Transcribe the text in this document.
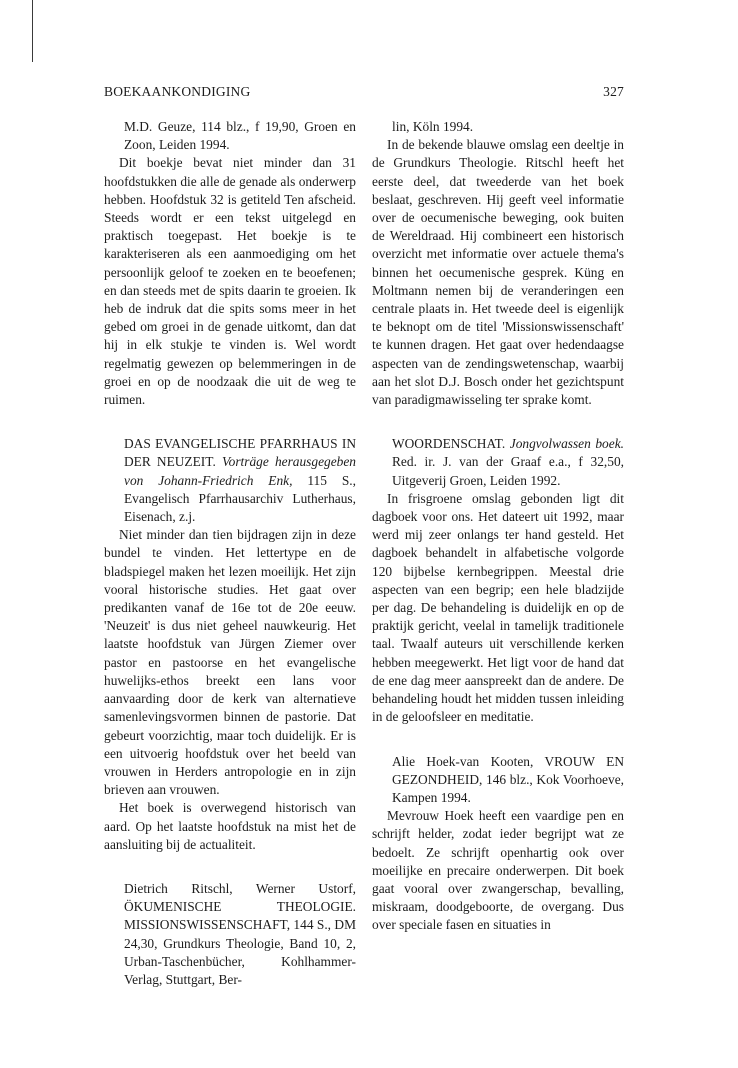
BOEKAANKONDIGING	327

M.D. Geuze, 114 blz., f 19,90, Groen en Zoon, Leiden 1994.

Dit boekje bevat niet minder dan 31 hoofdstukken die alle de genade als onderwerp hebben. Hoofdstuk 32 is getiteld Ten afscheid. Steeds wordt er een tekst uitgelegd en praktisch toegepast. Het boekje is te karakteriseren als een aanmoediging om het persoonlijk geloof te zoeken en te beoefenen; en dan steeds met de spits daarin te groeien. Ik heb de indruk dat die spits soms meer in het gebed om groei in de genade uitkomt, dan dat hij in elk stukje te vinden is. Wel wordt regelmatig gewezen op belemmeringen in de groei en op de noodzaak die uit de weg te ruimen.

DAS EVANGELISCHE PFARRHAUS IN DER NEUZEIT. Vorträge herausgegeben von Johann-Friedrich Enk, 115 S., Evangelisch Pfarrhausarchiv Lutherhaus, Eisenach, z.j.

Niet minder dan tien bijdragen zijn in deze bundel te vinden. Het lettertype en de bladspiegel maken het lezen moeilijk. Het zijn vooral historische studies. Het gaat over predikanten vanaf de 16e tot de 20e eeuw. 'Neuzeit' is dus niet geheel nauwkeurig. Het laatste hoofdstuk van Jürgen Ziemer over pastor en pastoorse en het evangelische huwelijks-ethos breekt een lans voor aanvaarding door de kerk van alternatieve samenlevingsvormen binnen de pastorie. Dat gebeurt voorzichtig, maar toch duidelijk. Er is een uitvoerig hoofdstuk over het beeld van vrouwen in Herders antropologie en in zijn brieven aan vrouwen.

Het boek is overwegend historisch van aard. Op het laatste hoofdstuk na mist het de aansluiting bij de actualiteit.

Dietrich Ritschl, Werner Ustorf, ÖKUMENISCHE THEOLOGIE. MISSIONSWISSENSCHAFT, 144 S., DM 24,30, Grundkurs Theologie, Band 10, 2, Urban-Taschenbücher, Kohlhammer-Verlag, Stuttgart, Ber-

lin, Köln 1994.

In de bekende blauwe omslag een deeltje in de Grundkurs Theologie. Ritschl heeft het eerste deel, dat tweederde van het boek beslaat, geschreven. Hij geeft veel informatie over de oecumenische beweging, ook buiten de Wereldraad. Hij combineert een historisch overzicht met informatie over actuele thema's binnen het oecumenische gesprek. Küng en Moltmann nemen bij de veranderingen een centrale plaats in. Het tweede deel is eigenlijk te beknopt om de titel 'Missionswissenschaft' te kunnen dragen. Het gaat over hedendaagse aspecten van de zendingswetenschap, waarbij aan het slot D.J. Bosch onder het gezichtspunt van paradigmawisseling ter sprake komt.

WOORDENSCHAT. Jongvolwassen boek. Red. ir. J. van der Graaf e.a., f 32,50, Uitgeverij Groen, Leiden 1992.

In frisgroene omslag gebonden ligt dit dagboek voor ons. Het dateert uit 1992, maar werd mij zeer onlangs ter hand gesteld. Het dagboek behandelt in alfabetische volgorde 120 bijbelse kernbegrippen. Meestal drie aspecten van een begrip; een hele bladzijde per dag. De behandeling is duidelijk en op de praktijk gericht, veelal in tamelijk traditionele taal. Twaalf auteurs uit verschillende kerken hebben meegewerkt. Het ligt voor de hand dat de ene dag meer aanspreekt dan de andere. De behandeling houdt het midden tussen inleiding in de geloofsleer en meditatie.

Alie Hoek-van Kooten, VROUW EN GEZONDHEID, 146 blz., Kok Voorhoeve, Kampen 1994.

Mevrouw Hoek heeft een vaardige pen en schrijft helder, zodat ieder begrijpt wat ze bedoelt. Ze schrijft openhartig ook over moeilijke en precaire onderwerpen. Dit boek gaat vooral over zwangerschap, bevalling, miskraam, doodgeboorte, de overgang. Dus over speciale fasen en situaties in
